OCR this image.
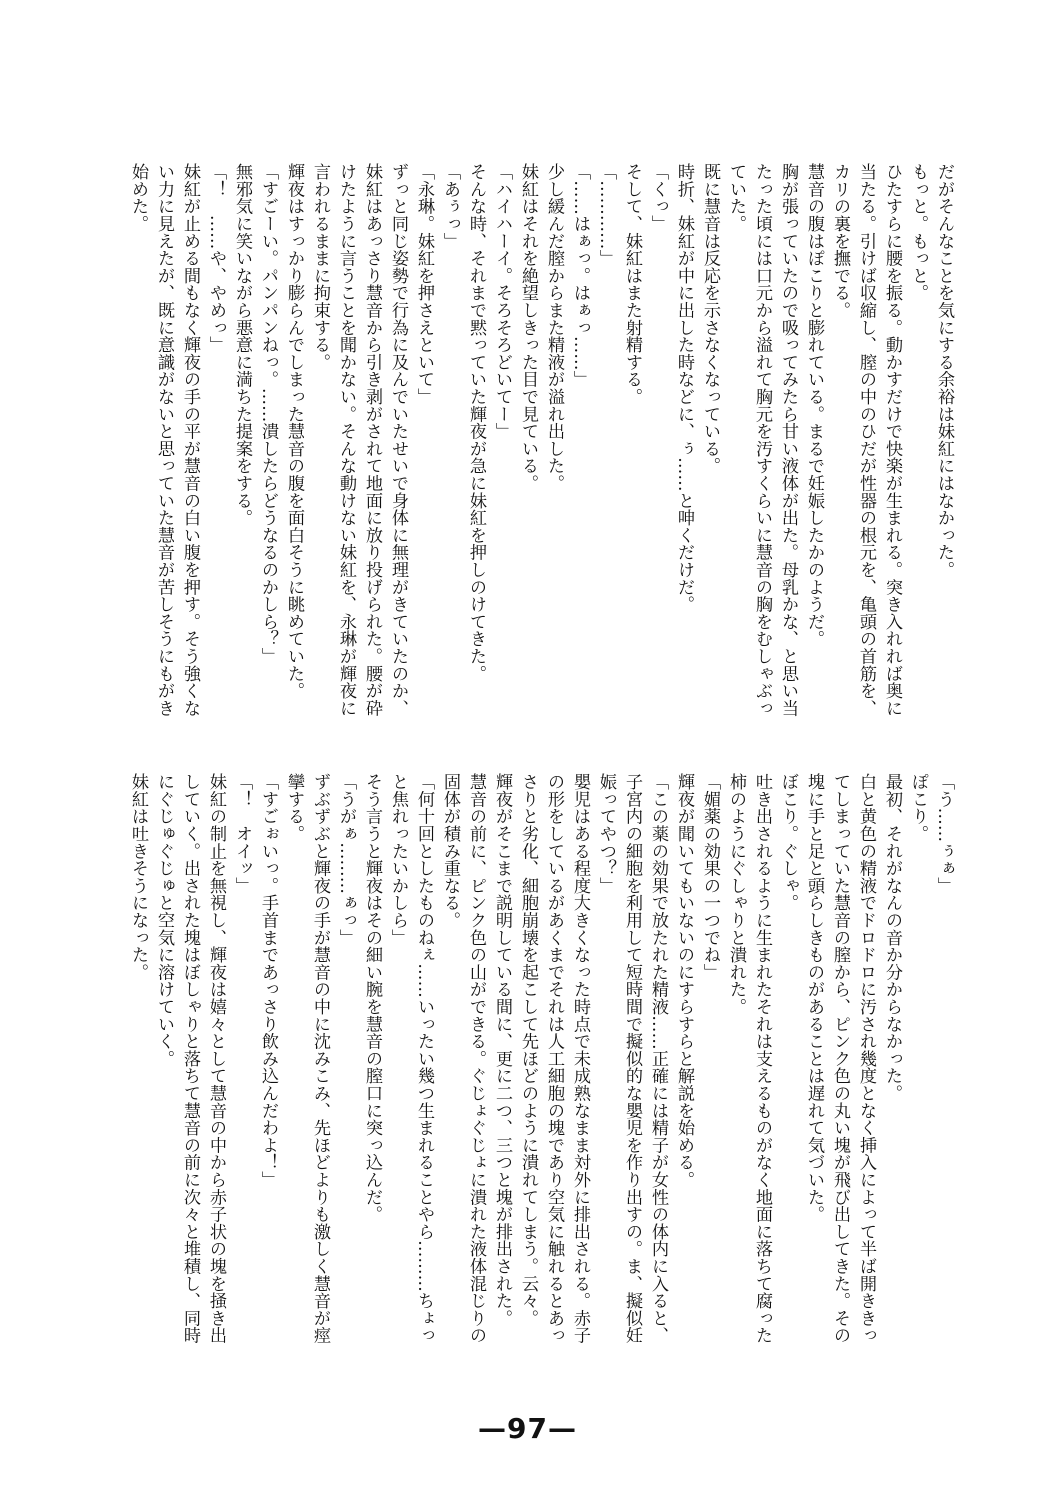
だがそんなことを気にする余裕は妹紅にはなかった。

もっと。もっと。

ひたすらに腰を振る。動かすだけで快楽が生まれる。突き入れれば奥に当たる。引けば収縮し、膣の中のひだが性器の根元を、亀頭の首筋を、カリの裏を撫でる。

慧音の腹はぽこりと膨れている。まるで妊娠したかのようだ。

胸が張っていたので吸ってみたら甘い液体が出た。母乳かな、と思い当たった頃には口元から溢れて胸元を汚すくらいに慧音の胸をむしゃぶっていた。

既に慧音は反応を示さなくなっている。

時折、妹紅が中に出した時などに、ぅ……と呻くだけだ。

「くっ」

そして、妹紅はまた射精する。

「…………」

「……はぁっ。はぁっ……」

少し緩んだ膣からまた精液が溢れ出した。

妹紅はそれを絶望しきった目で見ている。

「ハイハーイ。そろそろどいてー」

そんな時、それまで黙っていた輝夜が急に妹紅を押しのけてきた。

「あぅっ」

「永琳。妹紅を押さえといて」

ずっと同じ姿勢で行為に及んでいたせいで身体に無理がきていたのか、妹紅はあっさり慧音から引き剥がされて地面に放り投げられた。腰が砕けたように言うことを聞かない。そんな動けない妹紅を、永琳が輝夜に言われるままに拘束する。

輝夜はすっかり膨らんでしまった慧音の腹を面白そうに眺めていた。

「すごーい。パンパンねっ。……潰したらどうなるのかしら？」

無邪気に笑いながら悪意に満ちた提案をする。

「！　……や、やめっ」

妹紅が止める間もなく輝夜の手の平が慧音の白い腹を押す。そう強くない力に見えたが、既に意識がないと思っていた慧音が苦しそうにもがき始めた。

「う……ぅぁ」

ぽこり。

最初、それがなんの音か分からなかった。

白と黄色の精液でドロドロに汚され幾度となく挿入によって半ば開ききってしまっていた慧音の膣から、ピンク色の丸い塊が飛び出してきた。その塊に手と足と頭らしきものがあることは遅れて気づいた。

ぼこり。ぐしゃ。

吐き出されるように生まれたそれは支えるものがなく地面に落ちて腐った柿のようにぐしゃりと潰れた。

「媚薬の効果の一つでね」

輝夜が聞いてもいないのにすらすらと解説を始める。

「この薬の効果で放たれた精液……正確には精子が女性の体内に入ると、子宮内の細胞を利用して短時間で擬似的な嬰児を作り出すの。ま、擬似妊娠ってやつ？」

嬰児はある程度大きくなった時点で未成熟なまま対外に排出される。赤子の形をしているがあくまでそれは人工細胞の塊であり空気に触れるとあっさりと劣化、細胞崩壊を起こして先ほどのように潰れてしまう。云々。

輝夜がそこまで説明している間に、更に二つ、三つと塊が排出された。

慧音の前に、ピンク色の山ができる。ぐじょぐじょに潰れた液体混じりの固体が積み重なる。

「何十回としたものねぇ……いったい幾つ生まれることやら………ちょっと焦れったいかしら」

そう言うと輝夜はその細い腕を慧音の膣口に突っ込んだ。

「うがぁ………ぁっ」

ずぶずぶと輝夜の手が慧音の中に沈みこみ、先ほどよりも激しく慧音が痙攣する。

「すごぉいっ。手首まであっさり飲み込んだわよ！」

「！　オイッ」

妹紅の制止を無視し、輝夜は嬉々として慧音の中から赤子状の塊を掻き出していく。出された塊はぼしゃりと落ちて慧音の前に次々と堆積し、同時にぐじゅぐじゅと空気に溶けていく。

妹紅は吐きそうになった。

—97—
